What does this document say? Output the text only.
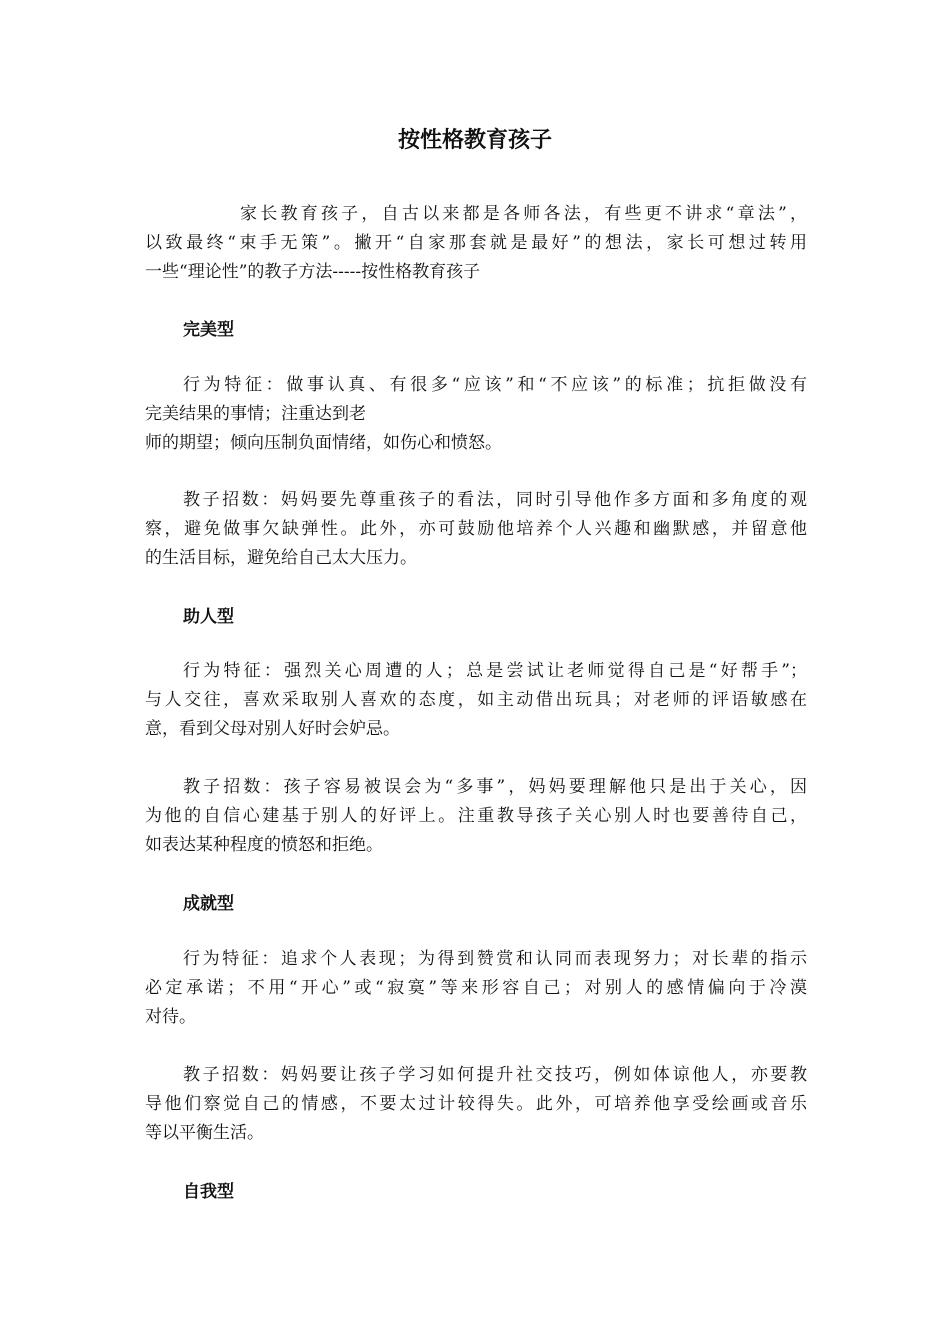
按性格教育孩子

家长教育孩子，自古以来都是各师各法，有些更不讲求“章法”，
以致最终“束手无策”。撇开“自家那套就是最好”的想法，家长可想过转用
一些“理论性”的教子方法-----按性格教育孩子

完美型

行为特征：做事认真、有很多“应该”和“不应该”的标准；抗拒做没有
完美结果的事情；注重达到老
师的期望；倾向压制负面情绪，如伤心和愤怒。

教子招数：妈妈要先尊重孩子的看法，同时引导他作多方面和多角度的观
察，避免做事欠缺弹性。此外，亦可鼓励他培养个人兴趣和幽默感，并留意他
的生活目标，避免给自己太大压力。

助人型

行为特征：强烈关心周遭的人；总是尝试让老师觉得自己是“好帮手”；
与人交往，喜欢采取别人喜欢的态度，如主动借出玩具；对老师的评语敏感在
意，看到父母对别人好时会妒忌。

教子招数：孩子容易被误会为“多事”，妈妈要理解他只是出于关心，因
为他的自信心建基于别人的好评上。注重教导孩子关心别人时也要善待自己，
如表达某种程度的愤怒和拒绝。

成就型

行为特征：追求个人表现；为得到赞赏和认同而表现努力；对长辈的指示
必定承诺；不用“开心”或“寂寞”等来形容自己；对别人的感情偏向于冷漠
对待。

教子招数：妈妈要让孩子学习如何提升社交技巧，例如体谅他人，亦要教
导他们察觉自己的情感，不要太过计较得失。此外，可培养他享受绘画或音乐
等以平衡生活。

自我型
